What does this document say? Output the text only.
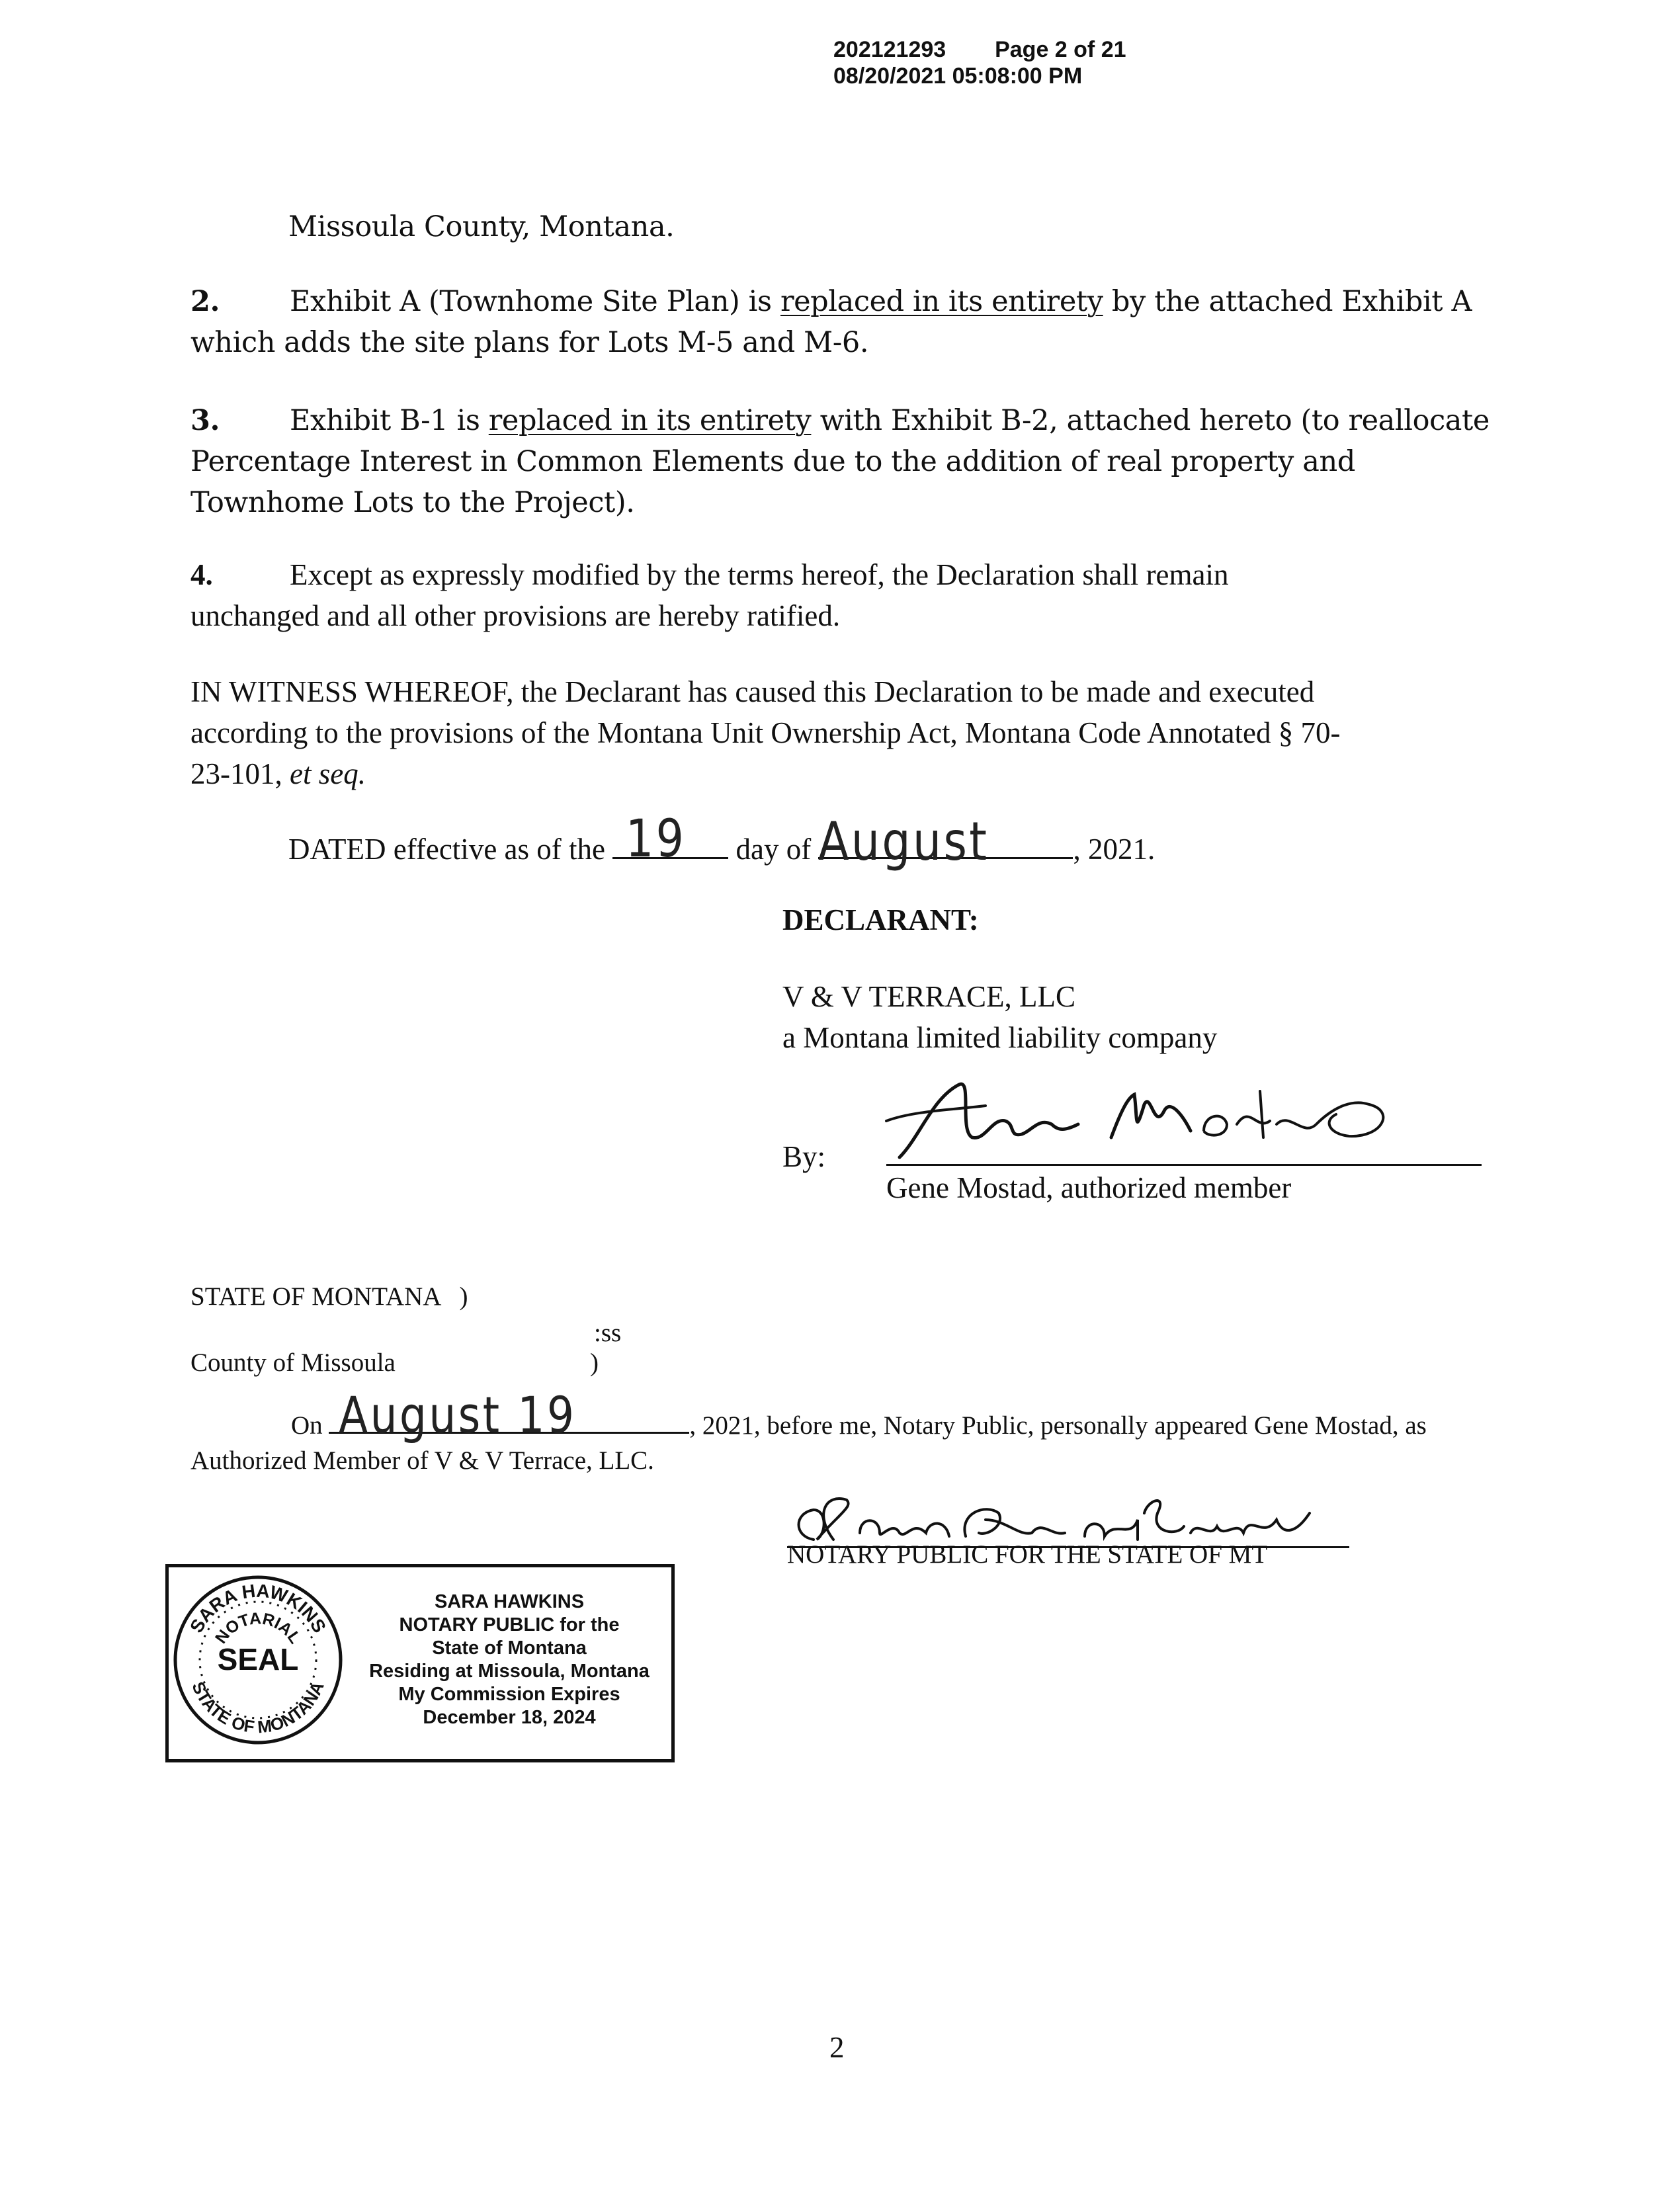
202121293 Page 2 of 21
08/20/2021 05:08:00 PM
Missoula County, Montana.
2. Exhibit A (Townhome Site Plan) is replaced in its entirety by the attached Exhibit A
which adds the site plans for Lots M-5 and M-6.
3. Exhibit B-1 is replaced in its entirety with Exhibit B-2, attached hereto (to reallocate
Percentage Interest in Common Elements due to the addition of real property and
Townhome Lots to the Project).
4.	Except as expressly modified by the terms hereof, the Declaration shall remain
unchanged and all other provisions are hereby ratified.
IN WITNESS WHEREOF, the Declarant has caused this Declaration to be made and executed
according to the provisions of the Montana Unit Ownership Act, Montana Code Annotated § 70-
23-101, et seq.
DATED effective as of the 19 day of August	, 2021.
DECLARANT:
V & V TERRACE, LLC
a Montana limited liability company
By:
Gene Mostad, authorized member
STATE OF MONTANA   )
:ss
County of Missoula	)
On August 19	, 2021, before me, Notary Public, personally appeared Gene Mostad, as
Authorized Member of V & V Terrace, LLC.
NOTARY PUBLIC FOR THE STATE OF MT
SARA HAWKINS
NOTARIAL
SEAL
STATE OF MONTANA
SARA HAWKINS
NOTARY PUBLIC for the
State of Montana
Residing at Missoula, Montana
My Commission Expires
December 18, 2024
2
